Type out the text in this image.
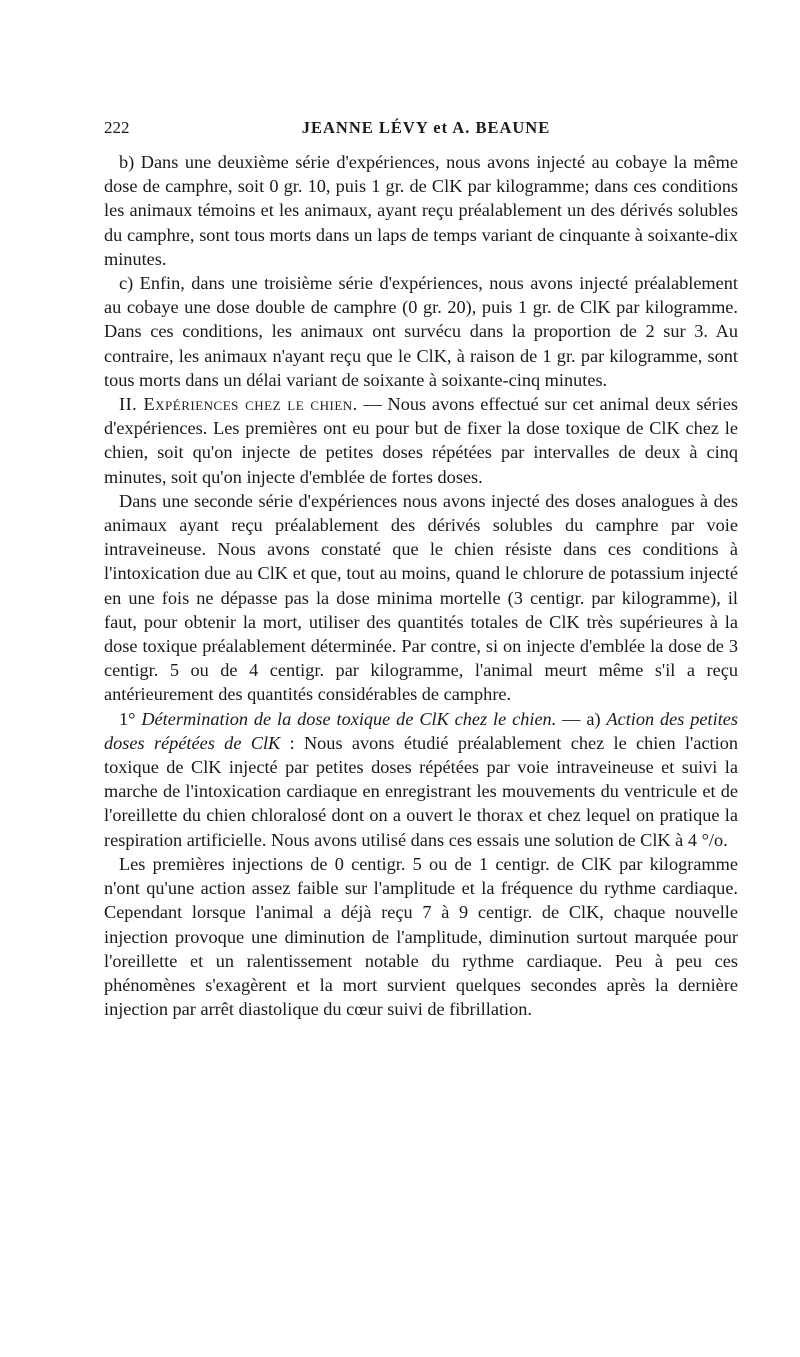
222	JEANNE LÉVY et A. BEAUNE

b) Dans une deuxième série d'expériences, nous avons injecté au cobaye la même dose de camphre, soit 0 gr. 10, puis 1 gr. de ClK par kilogramme; dans ces conditions les animaux témoins et les animaux, ayant reçu préalablement un des dérivés solubles du camphre, sont tous morts dans un laps de temps variant de cinquante à soixante-dix minutes.

c) Enfin, dans une troisième série d'expériences, nous avons injecté préalablement au cobaye une dose double de camphre (0 gr. 20), puis 1 gr. de ClK par kilogramme. Dans ces conditions, les animaux ont survécu dans la proportion de 2 sur 3. Au contraire, les animaux n'ayant reçu que le ClK, à raison de 1 gr. par kilogramme, sont tous morts dans un délai variant de soixante à soixante-cinq minutes.

II. Expériences chez le chien. — Nous avons effectué sur cet animal deux séries d'expériences. Les premières ont eu pour but de fixer la dose toxique de ClK chez le chien, soit qu'on injecte de petites doses répétées par intervalles de deux à cinq minutes, soit qu'on injecte d'emblée de fortes doses.

Dans une seconde série d'expériences nous avons injecté des doses analogues à des animaux ayant reçu préalablement des dérivés solubles du camphre par voie intraveineuse. Nous avons constaté que le chien résiste dans ces conditions à l'intoxication due au ClK et que, tout au moins, quand le chlorure de potassium injecté en une fois ne dépasse pas la dose minima mortelle (3 centigr. par kilogramme), il faut, pour obtenir la mort, utiliser des quantités totales de ClK très supérieures à la dose toxique préalablement déterminée. Par contre, si on injecte d'emblée la dose de 3 centigr. 5 ou de 4 centigr. par kilogramme, l'animal meurt même s'il a reçu antérieurement des quantités considérables de camphre.

1° Détermination de la dose toxique de ClK chez le chien. — a) Action des petites doses répétées de ClK : Nous avons étudié préalablement chez le chien l'action toxique de ClK injecté par petites doses répétées par voie intraveineuse et suivi la marche de l'intoxication cardiaque en enregistrant les mouvements du ventricule et de l'oreillette du chien chloralosé dont on a ouvert le thorax et chez lequel on pratique la respiration artificielle. Nous avons utilisé dans ces essais une solution de ClK à 4 °/o.

Les premières injections de 0 centigr. 5 ou de 1 centigr. de ClK par kilogramme n'ont qu'une action assez faible sur l'amplitude et la fréquence du rythme cardiaque. Cependant lorsque l'animal a déjà reçu 7 à 9 centigr. de ClK, chaque nouvelle injection provoque une diminution de l'amplitude, diminution surtout marquée pour l'oreillette et un ralentissement notable du rythme cardiaque. Peu à peu ces phénomènes s'exagèrent et la mort survient quelques secondes après la dernière injection par arrêt diastolique du cœur suivi de fibrillation.
